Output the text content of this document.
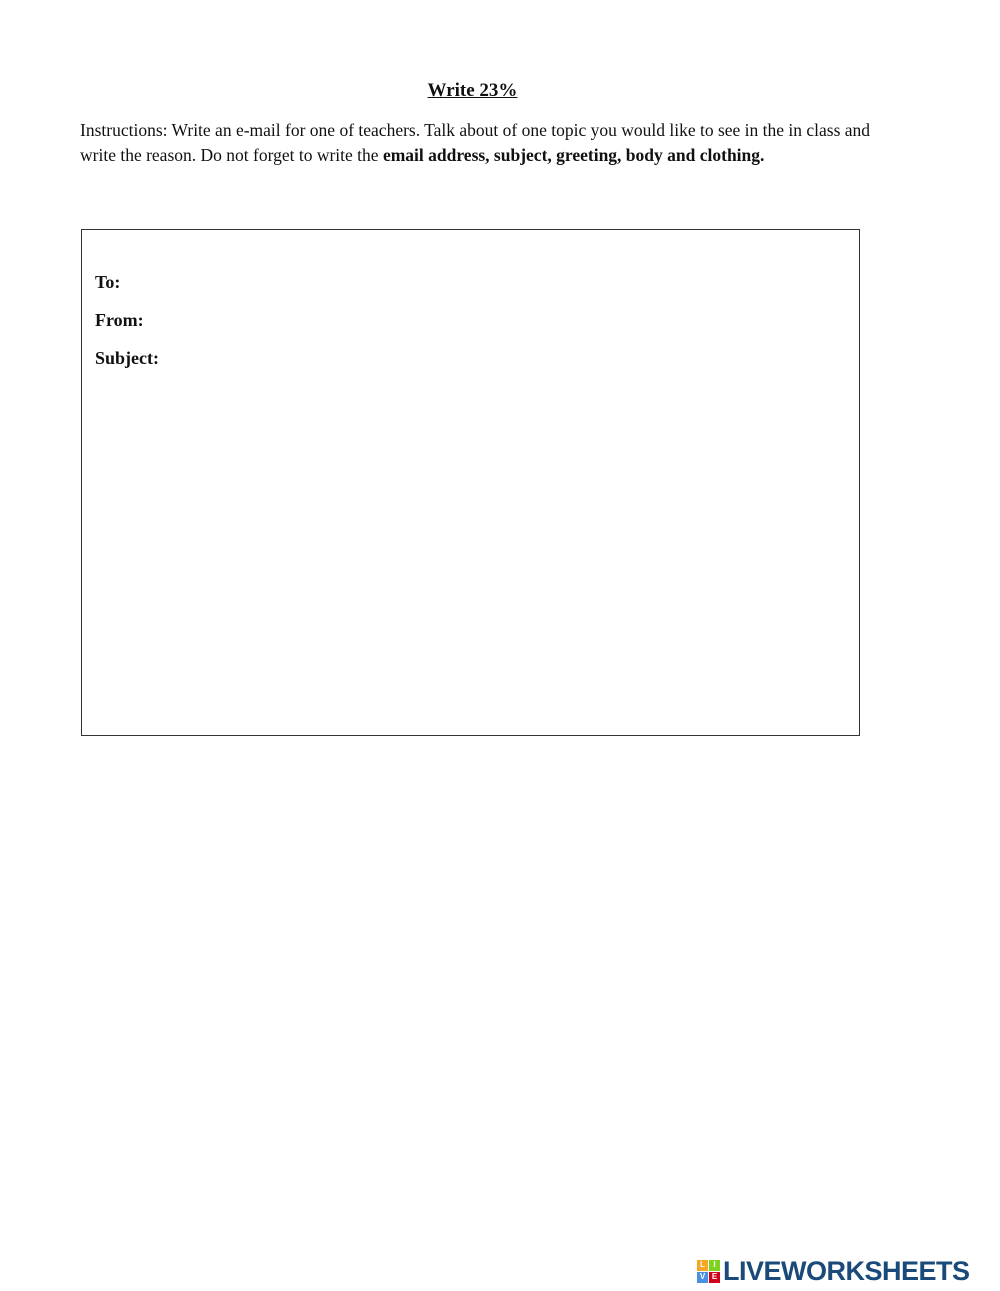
Write 23%

Instructions: Write an e-mail for one of teachers. Talk about of one topic you would like to see in the in class and write the reason. Do not forget to write the email address, subject, greeting, body and clothing.

To:
From:
Subject:
L	I
V E LIVEWORKSHEETS
